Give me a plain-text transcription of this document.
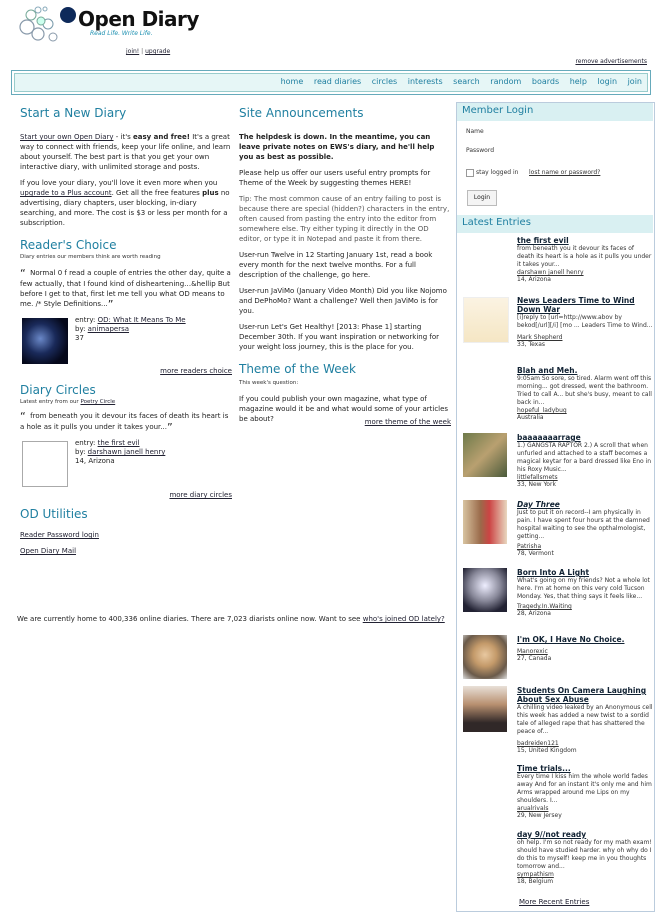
Open Diary
Read Life. Write Life.
join! | upgrade
remove advertisements
home read diaries circles interests search random boards help login join
Start a New Diary
Start your own Open Diary - it's easy and free! It's a great way to connect with friends, keep your life online, and learn about yourself. The best part is that you get your own interactive diary, with unlimited storage and posts.
If you love your diary, you'll love it even more when you upgrade to a Plus account. Get all the free features plus no advertising, diary chapters, user blocking, in-diary searching, and more. The cost is $3 or less per month for a subscription.
Reader's Choice
Diary entries our members think are worth reading
“ Normal 0 f read a couple of entries the other day, quite a few actually, that I found kind of disheartening…&hellip But before I get to that, first let me tell you what OD means to me. /* Style Definitions...”
entry: OD: What It Means To Me
by: animapersa
37
more readers choice
Diary Circles
Latest entry from our Poetry Circle
“ from beneath you it devour its faces of death its heart is a hole as it pulls you under it takes your...”
entry: the first evil
by: darshawn janell henry
14, Arizona
more diary circles
OD Utilities
Reader Password login
Open Diary Mail
We are currently home to 400,336 online diaries. There are 7,023 diarists online now. Want to see who's joined OD lately?
Site Announcements
The helpdesk is down. In the meantime, you can leave private notes on EWS's diary, and he'll help you as best as possible.
Please help us offer our users useful entry prompts for Theme of the Week by suggesting themes HERE!
Tip: The most common cause of an entry failing to post is because there are special (hidden?) characters in the entry, often caused from pasting the entry into the editor from somewhere else. Try either typing it directly in the OD editor, or type it in Notepad and paste it from there.
User-run Twelve in 12 Starting January 1st, read a book every month for the next twelve months. For a full description of the challenge, go here.
User-run JaViMo (January Video Month) Did you like Nojomo and DePhoMo? Want a challenge? Well then JaViMo is for you.
User-run Let's Get Healthy! [2013: Phase 1] starting December 30th. If you want inspiration or networking for your weight loss journey, this is the place for you.
Theme of the Week
This week's question:
If you could publish your own magazine, what type of magazine would it be and what would some of your articles be about?	more theme of the week
Member Login
Name
Password
stay logged in lost name or password?
Login
Latest Entries
the first evil
from beneath you it devour its faces of death its heart is a hole as it pulls you under it takes your...
darshawn janell henry
14, Arizona
News Leaders Time to Wind Down War
[i]reply to [url=http://www.abov by bekod[/url][/i] [mo ... Leaders Time to Wind...
Mark Shepherd
33, Texas
Blah and Meh.
9:05am So sore, so tired. Alarm went off this morning... got dressed, went the bathroom. Tried to call A... but she's busy, meant to call back in...
hopeful_ladybug
Australia
baaaaaaarrage
1.) GANGSTA RAPTOR 2.) A scroll that when unfurled and attached to a staff becomes a magical keytar for a bard dressed like Eno in his Roxy Music...
littlefallsmets
33, New York
Day Three
Just to put it on record--I am physically in pain. I have spent four hours at the damned hospital waiting to see the opthalmologist, getting...
Patrisha
78, Vermont
Born Into A Light
What's going on my friends? Not a whole lot here. I'm at home on this very cold Tucson Monday. Yes, that thing says it feels like...
Tragedy.In.Waiting
28, Arizona
I'm OK, I Have No Choice.
Manorexic
27, Canada
Students On Camera Laughing About Sex Abuse
A chilling video leaked by an Anonymous cell this week has added a new twist to a sordid tale of alleged rape that has shattered the peace of...
badreiden121
15, United Kingdom
Time trials...
Every time I kiss him the whole world fades away And for an instant it's only me and him Arms wrapped around me Lips on my shoulders. I...
arualrivals
29, New Jersey
day 9//not ready
oh help. I'm so not ready for my math exam! should have studied harder. why oh why do I do this to myself! keep me in you thoughts tomorrow and...
sympathism
18, Belgium
More Recent Entries
